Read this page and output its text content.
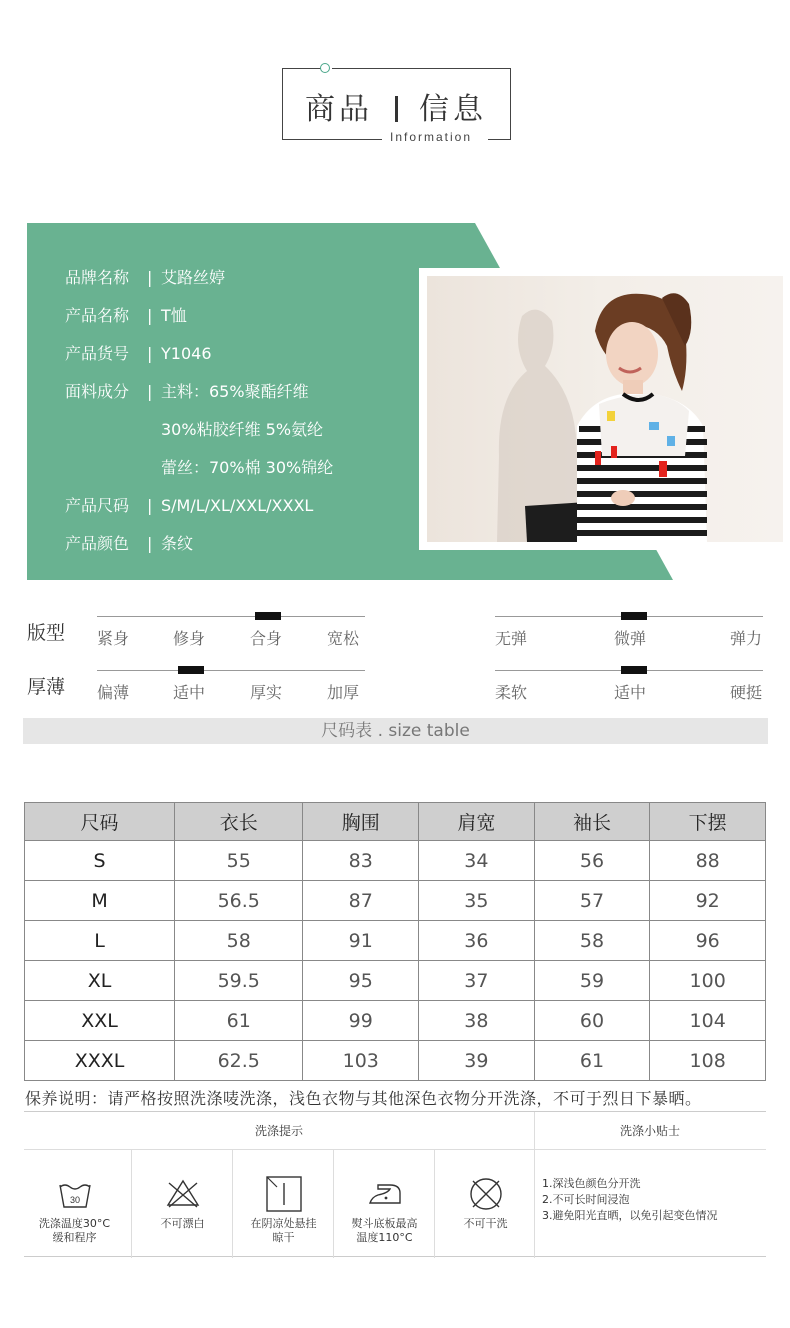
商品 信息
Information
品牌名称 | 艾路丝婷
产品名称 | T恤
产品货号 | Y1046
面料成分 | 主料：65%聚酯纤维
30%粘胶纤维 5%氨纶
蕾丝：70%棉 30%锦纶
产品尺码 | S/M/L/XL/XXL/XXXL
产品颜色 | 条纹
版型 紧身	修身	合身	宽松	无弹	微弹	弹力
厚薄 偏薄	适中	厚实	加厚	柔软	适中	硬挺
尺码表 . size table
尺码	衣长	胸围	肩宽	袖长	下摆
S	55	83	34	56	88
M	56.5	87	35	57	92
L	58	91	36	58	96
XL	59.5	95	37	59	100
XXL	61	99	38	60	104
XXXL	62.5	103	39	61	108
保养说明：请严格按照洗涤唛洗涤，浅色衣物与其他深色衣物分开洗涤，不可于烈日下暴晒。
洗涤提示	洗涤小贴士
30
洗涤温度30°C
缓和程序
不可漂白	在阴凉处悬挂
晾干
熨斗底板最高
温度110°C
不可干洗
1.深浅色颜色分开洗
2.不可长时间浸泡
3.避免阳光直晒，以免引起变色情况
